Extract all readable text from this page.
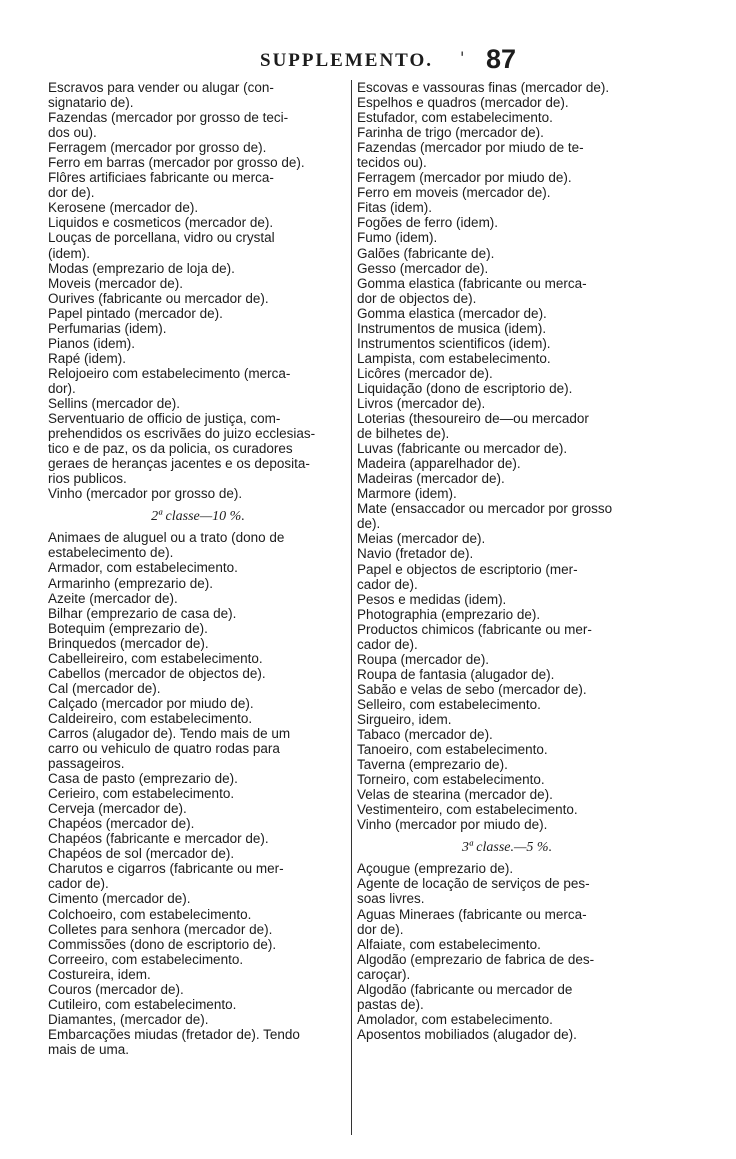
SUPPLEMENTO. ' 87

Escravos para vender ou alugar (con-

signatario de).

Fazendas (mercador por grosso de teci-

dos ou).

Ferragem (mercador por grosso de).

Ferro em barras (mercador por grosso de).

Flôres artificiaes fabricante ou merca-

dor de).

Kerosene (mercador de).

Liquidos e cosmeticos (mercador de).

Louças de porcellana, vidro ou crystal

(idem).

Modas (emprezario de loja de).

Moveis (mercador de).

Ourives (fabricante ou mercador de).

Papel pintado (mercador de).

Perfumarias (idem).

Pianos (idem).

Rapé (idem).

Relojoeiro com estabelecimento (merca-

dor).

Sellins (mercador de).

Serventuario de officio de justiça, com-

prehendidos os escrivães do juizo ecclesias-

tico e de paz, os da policia, os curadores

geraes de heranças jacentes e os deposita-

rios publicos.

Vinho (mercador por grosso de).

2ª classe—10 %.

Animaes de aluguel ou a trato (dono de

estabelecimento de).

Armador, com estabelecimento.

Armarinho (emprezario de).

Azeite (mercador de).

Bilhar (emprezario de casa de).

Botequim (emprezario de).

Brinquedos (mercador de).

Cabelleireiro, com estabelecimento.

Cabellos (mercador de objectos de).

Cal (mercador de).

Calçado (mercador por miudo de).

Caldeireiro, com estabelecimento.

Carros (alugador de). Tendo mais de um

carro ou vehiculo de quatro rodas para

passageiros.

Casa de pasto (emprezario de).

Cerieiro, com estabelecimento.

Cerveja (mercador de).

Chapéos (mercador de).

Chapéos (fabricante e mercador de).

Chapéos de sol (mercador de).

Charutos e cigarros (fabricante ou mer-

cador de).

Cimento (mercador de).

Colchoeiro, com estabelecimento.

Colletes para senhora (mercador de).

Commissões (dono de escriptorio de).

Correeiro, com estabelecimento.

Costureira, idem.

Couros (mercador de).

Cutileiro, com estabelecimento.

Diamantes, (mercador de).

Embarcações miudas (fretador de). Tendo

mais de uma.

Escovas e vassouras finas (mercador de).

Espelhos e quadros (mercador de).

Estufador, com estabelecimento.

Farinha de trigo (mercador de).

Fazendas (mercador por miudo de te-

tecidos ou).

Ferragem (mercador por miudo de).

Ferro em moveis (mercador de).

Fitas (idem).

Fogões de ferro (idem).

Fumo (idem).

Galões (fabricante de).

Gesso (mercador de).

Gomma elastica (fabricante ou merca-

dor de objectos de).

Gomma elastica (mercador de).

Instrumentos de musica (idem).

Instrumentos scientificos (idem).

Lampista, com estabelecimento.

Licôres (mercador de).

Liquidação (dono de escriptorio de).

Livros (mercador de).

Loterias (thesoureiro de—ou mercador

de bilhetes de).

Luvas (fabricante ou mercador de).

Madeira (apparelhador de).

Madeiras (mercador de).

Marmore (idem).

Mate (ensaccador ou mercador por grosso

de).

Meias (mercador de).

Navio (fretador de).

Papel e objectos de escriptorio (mer-

cador de).

Pesos e medidas (idem).

Photographia (emprezario de).

Productos chimicos (fabricante ou mer-

cador de).

Roupa (mercador de).

Roupa de fantasia (alugador de).

Sabão e velas de sebo (mercador de).

Selleiro, com estabelecimento.

Sirgueiro, idem.

Tabaco (mercador de).

Tanoeiro, com estabelecimento.

Taverna (emprezario de).

Torneiro, com estabelecimento.

Velas de stearina (mercador de).

Vestimenteiro, com estabelecimento.

Vinho (mercador por miudo de).

3ª classe.—5 %.

Açougue (emprezario de).

Agente de locação de serviços de pes-

soas livres.

Aguas Mineraes (fabricante ou merca-

dor de).

Alfaiate, com estabelecimento.

Algodão (emprezario de fabrica de des-

caroçar).

Algodão (fabricante ou mercador de

pastas de).

Amolador, com estabelecimento.

Aposentos mobiliados (alugador de).
